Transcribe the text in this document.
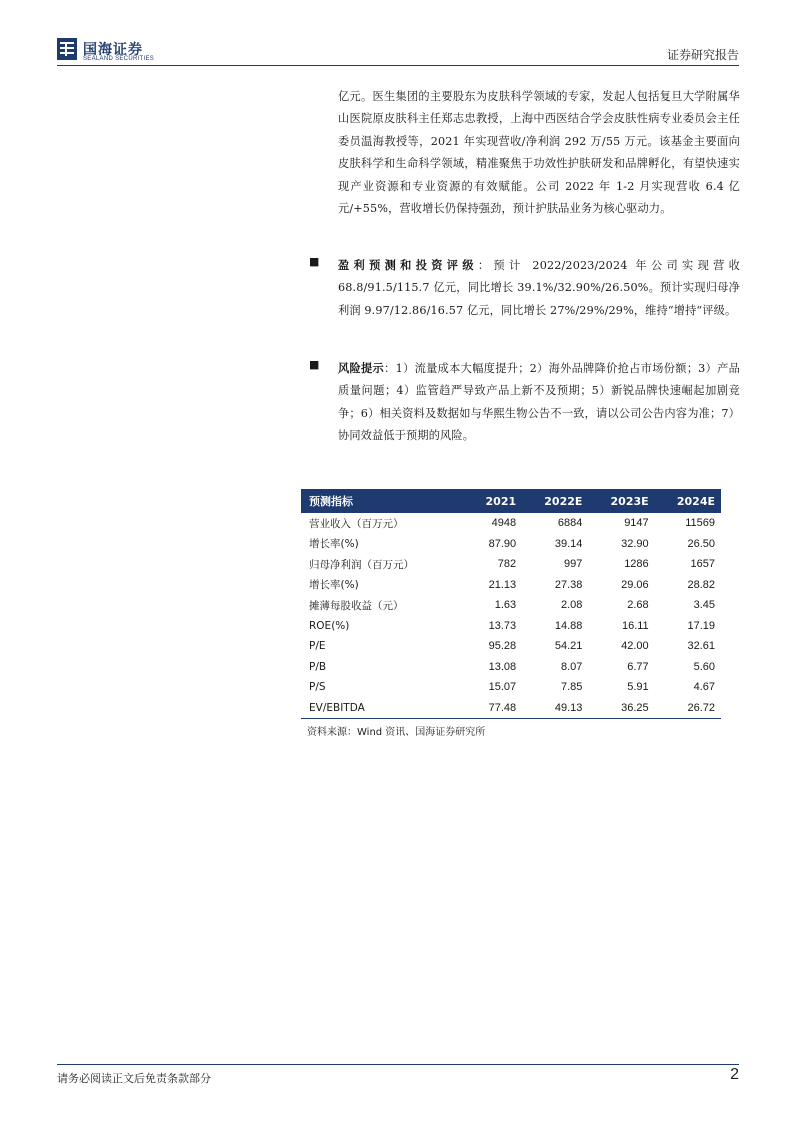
国海证券
SEALAND SECURITIES	证券研究报告
亿元。医生集团的主要股东为皮肤科学领域的专家，发起人包括复旦大学附属华山医院原皮肤科主任郑志忠教授，上海中西医结合学会皮肤性病专业委员会主任委员温海教授等，2021 年实现营收/净利润 292 万/55 万元。该基金主要面向皮肤科学和生命科学领域，精准聚焦于功效性护肤研发和品牌孵化，有望快速实现产业资源和专业资源的有效赋能。公司 2022 年 1-2 月实现营收 6.4 亿元/+55%，营收增长仍保持强劲，预计护肤品业务为核心驱动力。
■ 盈利预测和投资评级：预计 2022/2023/2024 年公司实现营收 68.8/91.5/115.7 亿元，同比增长 39.1%/32.90%/26.50%。预计实现归母净利润 9.97/12.86/16.57 亿元，同比增长 27%/29%/29%，维持“增持“评级。
■ 风险提示：1）流量成本大幅度提升；2）海外品牌降价抢占市场份额；3）产品质量问题；4）监管趋严导致产品上新不及预期；5）新锐品牌快速崛起加剧竞争；6）相关资料及数据如与华熙生物公告不一致，请以公司公告内容为准；7）协同效益低于预期的风险。
预测指标	2021	2022E	2023E	2024E
营业收入（百万元）	4948	6884	9147	11569
增长率(%)	87.90	39.14	32.90	26.50
归母净利润（百万元）	782	997	1286	1657
增长率(%)	21.13	27.38	29.06	28.82
摊薄每股收益（元）	1.63	2.08	2.68	3.45
ROE(%)	13.73	14.88	16.11	17.19
P/E	95.28	54.21	42.00	32.61
P/B	13.08	8.07	6.77	5.60
P/S	15.07	7.85	5.91	4.67
EV/EBITDA	77.48	49.13	36.25	26.72
资料来源：Wind 资讯、国海证券研究所
请务必阅读正文后免责条款部分	2
